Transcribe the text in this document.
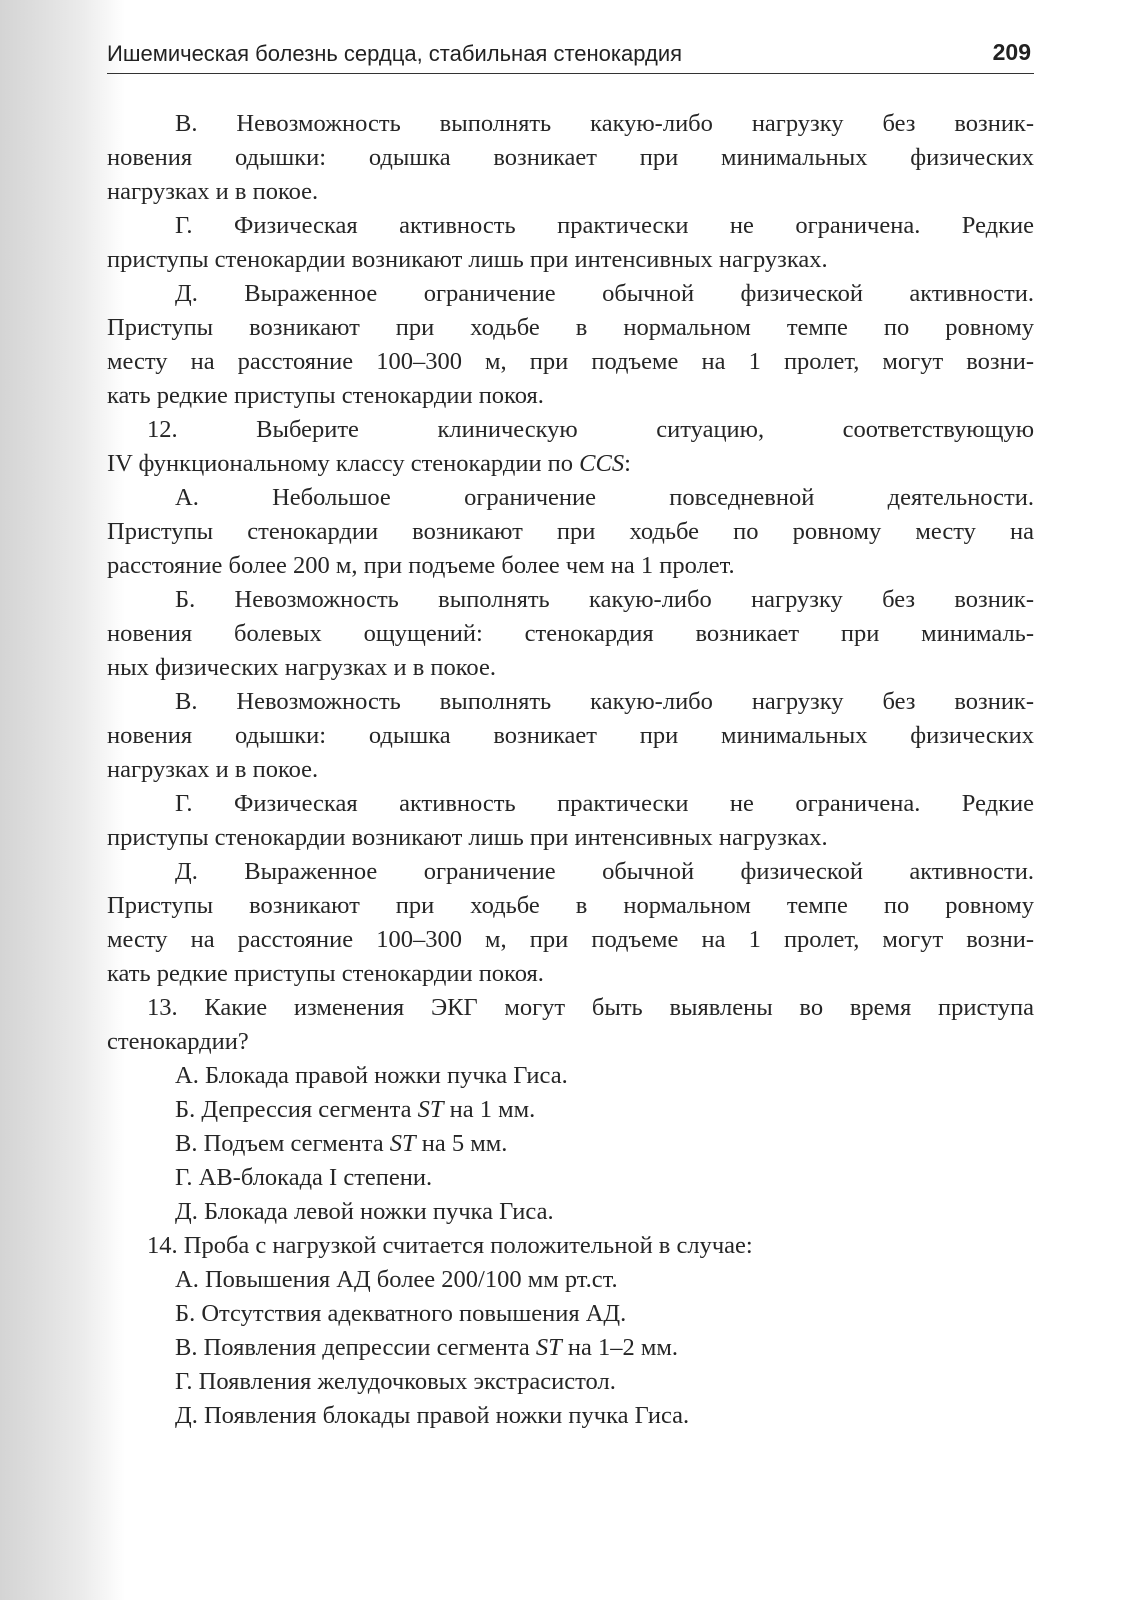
Ишемическая болезнь сердца, стабильная стенокардия	209

В. Невозможность выполнять какую-либо нагрузку без возник-

новения одышки: одышка возникает при минимальных физических

нагрузках и в покое.

Г. Физическая активность практически не ограничена. Редкие

приступы стенокардии возникают лишь при интенсивных нагрузках.

Д. Выраженное ограничение обычной физической активности.

Приступы возникают при ходьбе в нормальном темпе по ровному

месту на расстояние 100–300 м, при подъеме на 1 пролет, могут возни-

кать редкие приступы стенокардии покоя.

12. Выберите клиническую ситуацию, соответствующую

IV функциональному классу стенокардии по CCS:

А. Небольшое ограничение повседневной деятельности.

Приступы стенокардии возникают при ходьбе по ровному месту на

расстояние более 200 м, при подъеме более чем на 1 пролет.

Б. Невозможность выполнять какую-либо нагрузку без возник-

новения болевых ощущений: стенокардия возникает при минималь-

ных физических нагрузках и в покое.

В. Невозможность выполнять какую-либо нагрузку без возник-

новения одышки: одышка возникает при минимальных физических

нагрузках и в покое.

Г. Физическая активность практически не ограничена. Редкие

приступы стенокардии возникают лишь при интенсивных нагрузках.

Д. Выраженное ограничение обычной физической активности.

Приступы возникают при ходьбе в нормальном темпе по ровному

месту на расстояние 100–300 м, при подъеме на 1 пролет, могут возни-

кать редкие приступы стенокардии покоя.

13. Какие изменения ЭКГ могут быть выявлены во время приступа

стенокардии?

А. Блокада правой ножки пучка Гиса.

Б. Депрессия сегмента ST на 1 мм.

В. Подъем сегмента ST на 5 мм.

Г. АВ-блокада I степени.

Д. Блокада левой ножки пучка Гиса.

14. Проба с нагрузкой считается положительной в случае:

А. Повышения АД более 200/100 мм рт.ст.

Б. Отсутствия адекватного повышения АД.

В. Появления депрессии сегмента ST на 1–2 мм.

Г. Появления желудочковых экстрасистол.

Д. Появления блокады правой ножки пучка Гиса.
